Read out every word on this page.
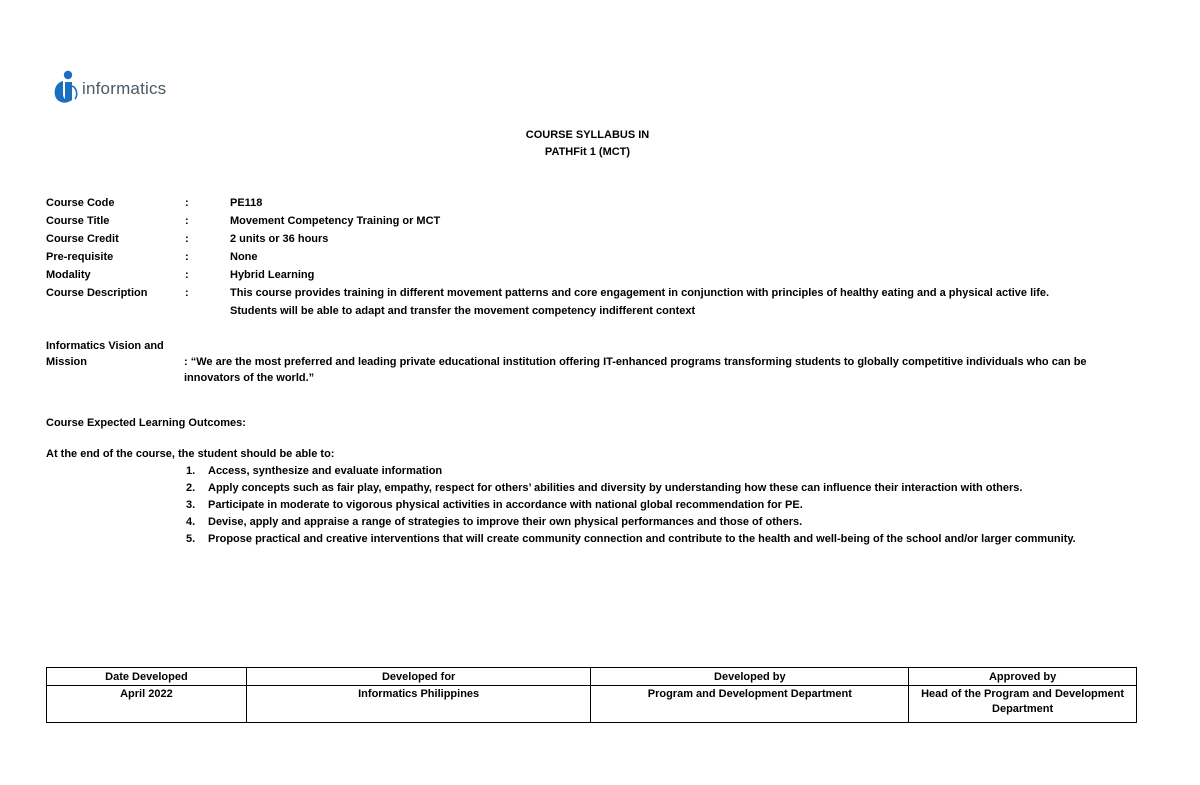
informatics
COURSE SYLLABUS IN
PATHFit 1 (MCT)
Course Code	:	PE118
Course Title	:	Movement Competency Training or MCT
Course Credit	:	2 units or 36 hours
Pre-requisite	:	None
Modality	:	Hybrid Learning
Course Description	:	This course provides training in different movement patterns and core engagement in conjunction with principles of healthy eating and a physical active life.
Students will be able to adapt and transfer the movement competency indifferent context
Informatics Vision and
Mission	: “We are the most preferred and leading private educational institution offering IT-enhanced programs transforming students to globally competitive individuals who can be innovators of the world.”
Course Expected Learning Outcomes:
At the end of the course, the student should be able to:
1. Access, synthesize and evaluate information
2. Apply concepts such as fair play, empathy, respect for others’ abilities and diversity by understanding how these can influence their interaction with others.
3. Participate in moderate to vigorous physical activities in accordance with national global recommendation for PE.
4. Devise, apply and appraise a range of strategies to improve their own physical performances and those of others.
5. Propose practical and creative interventions that will create community connection and contribute to the health and well-being of the school and/or larger community.
Date Developed	Developed for	Developed by	Approved by
April 2022	Informatics Philippines	Program and Development Department	Head of the Program and Development Department
